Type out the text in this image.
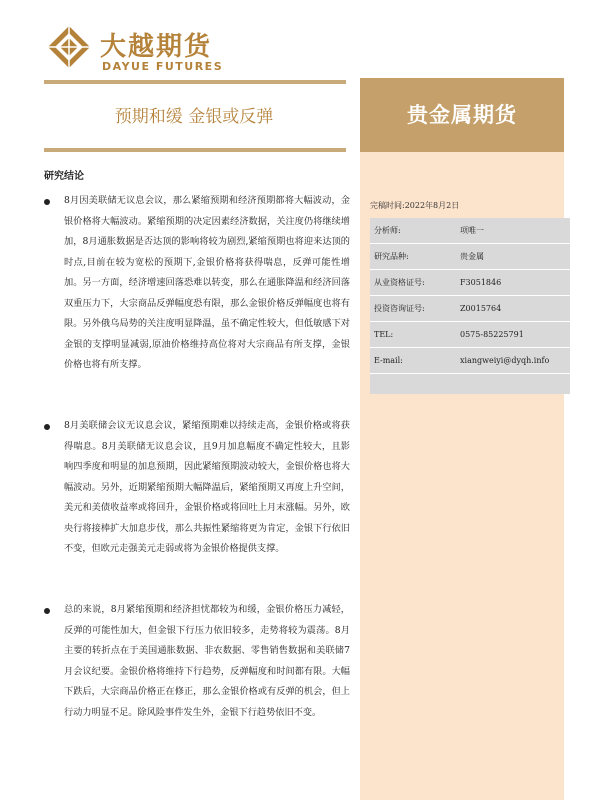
大越期货
DAYUE FUTURES
预期和缓 金银或反弹	贵金属期货
完稿时间:2022年8月2日
分析师:	项唯一
研究品种:	贵金属
从业资格证号:	F3051846
投资咨询证号:	Z0015764
TEL:	0575-85225791
E-mail:	xiangweiyi@dyqh.info

研究结论
8月因美联储无议息会议，那么紧缩预期和经济预期都将大幅波动，金银价格将大幅波动。紧缩预期的决定因素经济数据，关注度仍将继续增加，8月通胀数据是否达顶的影响将较为剧烈,紧缩预期也将迎来达顶的时点,目前在较为宽松的预期下,金银价格将获得喘息，反弹可能性增加。另一方面，经济增速回落恐难以转变，那么在通胀降温和经济回落双重压力下，大宗商品反弹幅度恐有限，那么金银价格反弹幅度也将有限。另外俄乌局势的关注度明显降温，虽不确定性较大，但低敏感下对金银的支撑明显减弱,原油价格维持高位将对大宗商品有所支撑，金银价格也将有所支撑。
8月美联储会议无议息会议，紧缩预期难以持续走高，金银价格或将获得喘息。8月美联储无议息会议，且9月加息幅度不确定性较大，且影响四季度和明显的加息预期，因此紧缩预期波动较大，金银价格也将大幅波动。另外，近期紧缩预期大幅降温后，紧缩预期又再度上升空间，美元和美债收益率或将回升，金银价格或将回吐上月末涨幅。另外，欧央行将接棒扩大加息步伐，那么共振性紧缩将更为肯定，金银下行依旧不变，但欧元走强美元走弱或将为金银价格提供支撑。
总的来说，8月紧缩预期和经济担忧都较为和缓，金银价格压力减轻，反弹的可能性加大，但金银下行压力依旧较多，走势将较为震荡。8月主要的转折点在于美国通胀数据、非农数据、零售销售数据和美联储7月会议纪要。金银价格将维持下行趋势，反弹幅度和时间都有限。大幅下跌后，大宗商品价格正在修正，那么金银价格或有反弹的机会，但上行动力明显不足。除风险事件发生外，金银下行趋势依旧不变。
